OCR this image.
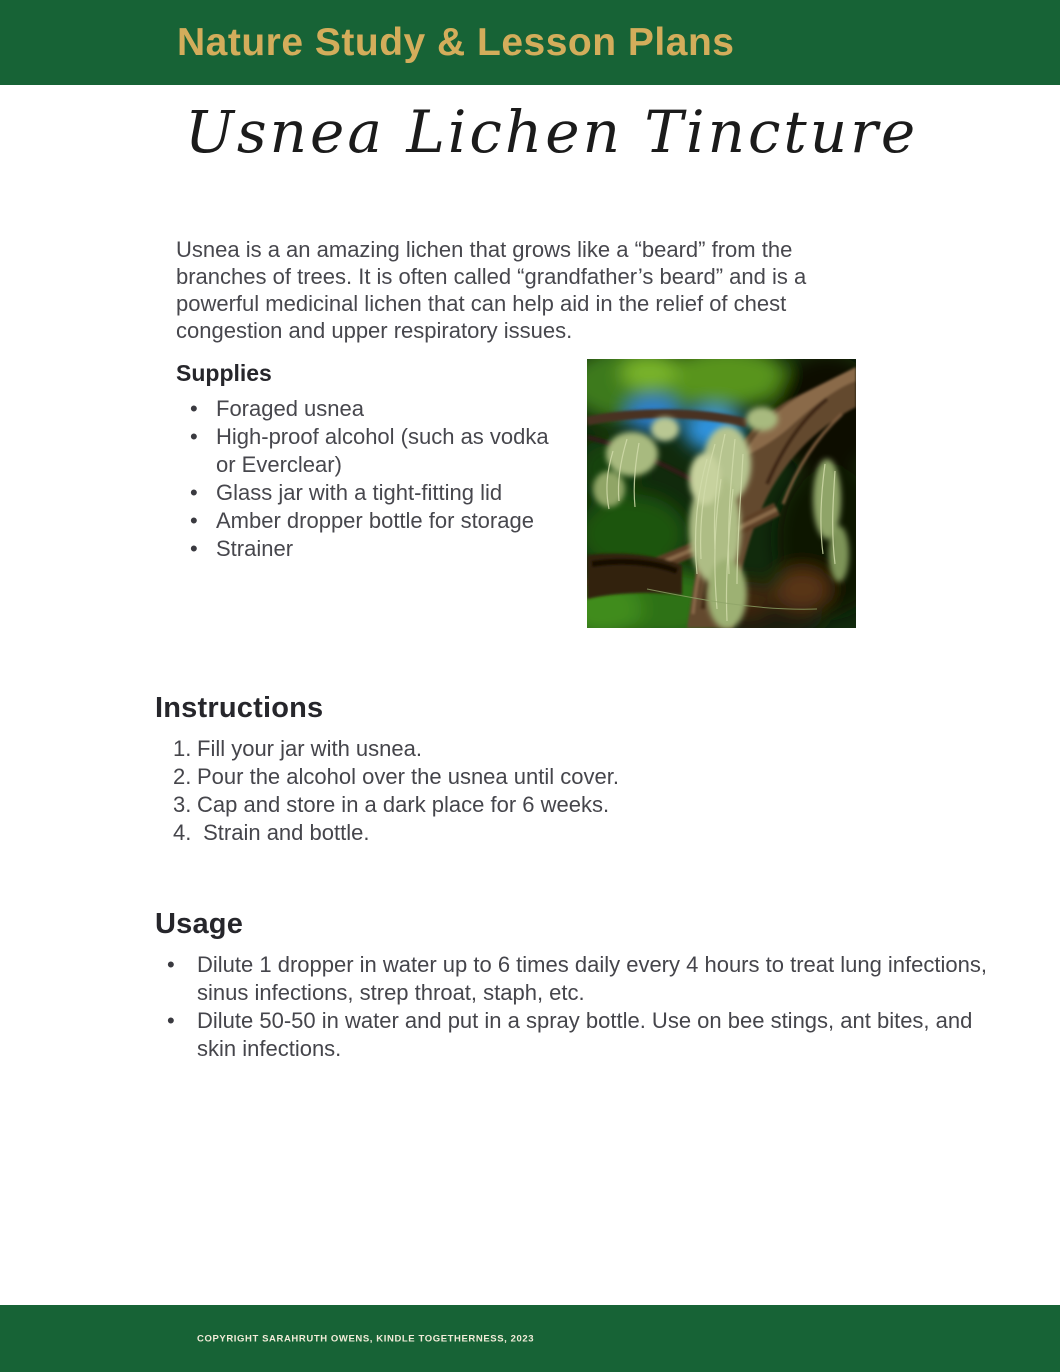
Nature Study & Lesson Plans
Usnea Lichen Tincture

Usnea is a an amazing lichen that grows like a “beard” from the branches of trees. It is often called “grandfather’s beard” and is a powerful medicinal lichen that can help aid in the relief of chest congestion and upper respiratory issues.

Supplies
• Foraged usnea
• High-proof alcohol (such as vodka or Everclear)
• Glass jar with a tight-fitting lid
• Amber dropper bottle for storage
• Strainer
Instructions
1. Fill your jar with usnea.
2. Pour the alcohol over the usnea until cover.
3. Cap and store in a dark place for 6 weeks.
4. Strain and bottle.
Usage
• Dilute 1 dropper in water up to 6 times daily every 4 hours to treat lung infections, sinus infections, strep throat, staph, etc.
• Dilute 50-50 in water and put in a spray bottle. Use on bee stings, ant bites, and skin infections.
COPYRIGHT SARAHRUTH OWENS, KINDLE TOGETHERNESS, 2023
